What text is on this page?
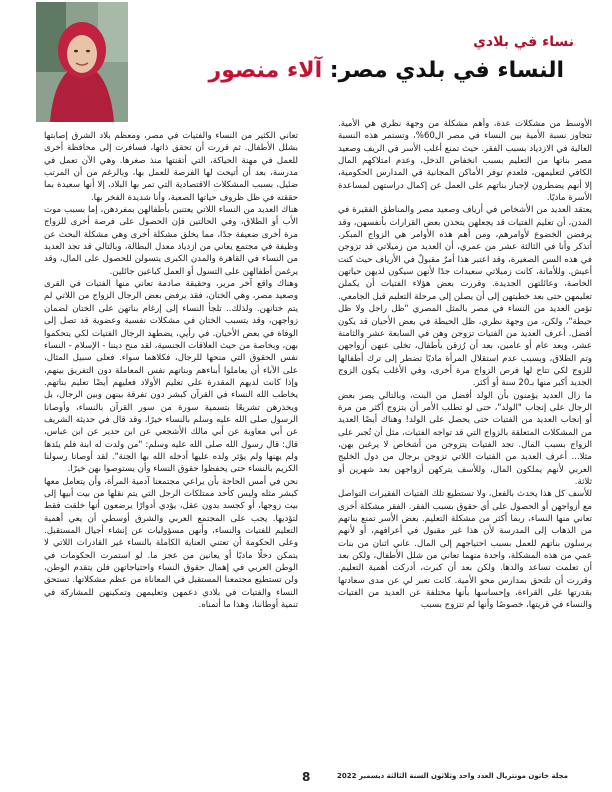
نساء في بلادي
النساء في بلدي مصر: آلاء منصور

الأوسط من مشكلات عدة، وأهم مشكلة من وجهة نظري هي الأمية. تتجاوز نسبة الأمية بين النساء في مصر ال60%، وتستمر هذه النسبة العالية في الازدياد بسبب الفقر. حيث تمنع أغلب الأسر في الريف وصعيد مصر بناتها من التعليم بسبب انخفاض الدخل، وعدم امتلاكهم المال الكافي لتعليمهن، فلعدم توفر الأماكن المجانية في المدارس الحكومية، إلا أنهم يضطرون لإجبار بناتهم على العمل عن إكمال دراستهن لمساعدة الأسرة ماديًا.

يعتقد العديد من الأشخاص في أرياف وصعيد مصر والمناطق الفقيرة في المدن، أن تعليم الفتيات قد يجعلهن يتخذن بعض القرارات بأنفسهن، وقد يرفضن الخضوع لأوامرهم، ومن أهم هذه الأوامر هي الزواج المبكر. أتذكر وأنا في الثالثة عشر من عمري، أن العديد من زميلاتي قد تزوجن في هذه السن الصغيرة، وقد اعتبر هذا أمرٌ مقبولٌ في الأرياف حيث كنت أعيش. وللأمانة، كانت زميلاتي سعيدات جدًا لأنهن سيكون لديهن حياتهن الخاصة، وعائلتهن الجديدة. وقررت بعض هؤلاء الفتيات أن يكملن تعليمهن حتى بعد خطبتهن إلى أن يصلن إلى مرحلة التعليم قبل الجامعي.

تؤمن العديد من النساء في مصر بالمثل المصري "ظل راجل ولا ظل حيطة"، ولكن، من وجهة نظري، ظل الحيطة في بعض الأحيان قد يكون أفضل. أعرف العديد من الفتيات تزوجن وهن في السابعة عشر والثامنة عشر، وبعد عام أو عامين، بعد أن رُزقن بأطفال، تخلى عنهن أزواجهن وتم الطلاق، وبسبب عدم استقلال المرأة ماديًا تضطر إلى ترك أطفالها للزوج لكي تتاح لها فرص الزواج مرة أخرى، وفي الأغلب يكون الزوج الجديد أكبر منها بـ20 سنة أو أكثر.

ما زال العديد يؤمنون بأن الولد أفضل من البنت، وبالتالي يصر بعض الرجال على إنجاب "الولد"، حتى لو تطلب الأمر أن يتزوج أكثر من مرة أو إنجاب العديد من الفتيات حتى يحصل على الولد! وهناك أيضًا العديد من المشكلات المتعلقة بالزواج التي قد تواجه الفتيات، مثل أن تُجبر على الزواج بسبب المال. تجد الفتيات يتزوجن من أشخاص لا يرغبن بهن، مثلا... أعرف العديد من الفتيات اللاتي تزوجن برجال من دول الخليج العربي لأنهم يملكون المال، وللأسف يتركهن أزواجهن بعد شهرين أو ثلاثة.

للأسف كل هذا يحدث بالفعل، ولا تستطيع تلك الفتيات الفقيرات التواصل مع أزواجهن أو الحصول على أي حقوق بسبب الفقر. الفقر مشكلة أخرى تعاني منها النساء، ربما أكثر من مشكلة التعليم. بعض الأسر تمنع بناتهم من الذهاب إلى المدرسة لأن هذا غير مقبول في أعرافهم، أو لأنهم يرسلون بناتهم للعمل بسبب احتياجهم إلى المال. عاني اثنان من بنات عمي من هذه المشكلة، واحدة منهما تعاني من شلل الأطفال، ولكن بعد أن تعلمت تساعد والدها. ولكن بعد أن كبرت، أدركت أهمية التعليم. وقررت أن تلتحق بمدارس محو الأمية. كانت تعبر لي عن مدى سعادتها بقدرتها على القراءة، وإحساسها بأنها مختلفة عن العديد من الفتيات والنساء في قريتها، خصوصًا وأنها لم تتزوج بسبب

تعاني الكثير من النساء والفتيات في مصر، ومعظم بلاد الشرق إصابتها بشلل الأطفال. ثم قررت أن تحقق ذاتها، فسافرت إلى محافظة أخرى للعمل في مهنة الحياكة، التي أتقنتها منذ صغرها. وهي الآن تعمل في مدرسة، بعد أن أتيحت لها الفرصة للعمل بها، وبالرغم من أن المرتب ضئيل، بسبب المشكلات الاقتصادية التي تمر بها البلاد، إلا أنها سعيدة بما حققته في ظل ظروف حياتها الصعبة، وأنا شديدة الفخر بها.

هناك العديد من النساء اللاتي يعتنين بأطفالهن بمفردهن، إما بسبب موت الأب أو الطلاق، وفي الحالتين فإن الحصول على فرصة أخرى للزواج مرة أخرى ضعيفة جدًا، مما يخلق مشكلة أخرى وهي مشكلة البحث عن وظيفة في مجتمع يعاني من ازدياد معدل البطالة، وبالتالي قد تجد العديد من النساء في القاهرة والمدن الكبرى يتسولن للحصول على المال، وقد يرغمن أطفالهن على التسول أو العمل كباعين جائلين.

وهناك واقع آخر مرير، وحقيقة صادمة تعاني منها الفتيات في القرى وصعيد مصر، وهي الختان، فقد يرفض بعض الرجال الزواج من اللاتي لم يتم ختانهن. ولذلك.. تلجأ النساء إلى إرغام بناتهن على الختان لضمان زواجهن، وقد يتسبب الختان في مشكلات نفسية وعضوية قد تصل إلى الوفاة في بعض الأحيان. في رأيي، يضطهد الرجال الفتيات لكي يتحكموا بهن، وبخاصة من حيث العلاقات الجنسية، لقد منح ديننا - الإسلام - النساء نفس الحقوق التي منحها للرجال، فكلاهما سواء. فعلى سبيل المثال، على الآباء أن يعاملوا أبناءهم وبناتهم نفس المعاملة دون التفريق بينهم، وإذا كانت لديهم المقدرة على تعليم الأولاد فعليهم أيضًا تعليم بناتهم. يخاطب الله النساء في القرآن كبشر دون تفرقة بينهن وبين الرجال، بل ويحذرهن تشريعًا بتسمية سورة من سور القرآن بالنساء، وأوصانا الرسول صلى الله عليه وسلم بالنساء خيرًا، وقد قال في حديثه الشريف عن أبي معاوية عن أبي مالك الأشجعي عن ابن حدير عن ابن عباس، قال: قال رسول الله صلى الله عليه وسلم: "من ولدت له ابنة فلم يئدها ولم يهنها ولم يؤثر ولده عليها أدخله الله بها الجنة". لقد أوصانا رسولنا الكريم بالنساء حتى يحفظوا حقوق النساء وأن يستوصوا بهن خيرًا.

نحن في أمس الحاجة بأن يراعي مجتمعنا آدمية المرأة، وأن يتعامل معها كبشر مثله وليس كأحد ممتلكات الرجل التي يتم نقلها من بيت أبيها إلى بيت زوجها، أو كجسد بدون عقل، يؤدي أدوارًا يرضعون أنها خلقت فقط لتؤديها. يجب على المجتمع العربي والشرق أوسطي أن يعي أهمية التعليم للفتيات والنساء، وأنهن مسؤوليات عن إنشاء أجيال المستقبل. وعلى الحكومة أن تعتني العناية الكاملة بالنساء غير القادرات اللاتي لا يتمكن دخلًا ماديًا أو يعانين من عجز ما. لو استمرت الحكومات في الوطن العربي في إهمال حقوق النساء واحتياجاتهن فلن يتقدم الوطن، ولن تستطيع مجتمعنا المستقبل في المعاناة من عظم مشكلاتها. تستحق النساء والفتيات في بلادي دعمهن وتعليمهن وتمكينهن للمشاركة في تنمية أوطاننا، وهذا ما أتمناه.

8	مجلة خاتون مونتريال العدد واحد وثلاثون السنة الثالثة ديسمبر 2022
